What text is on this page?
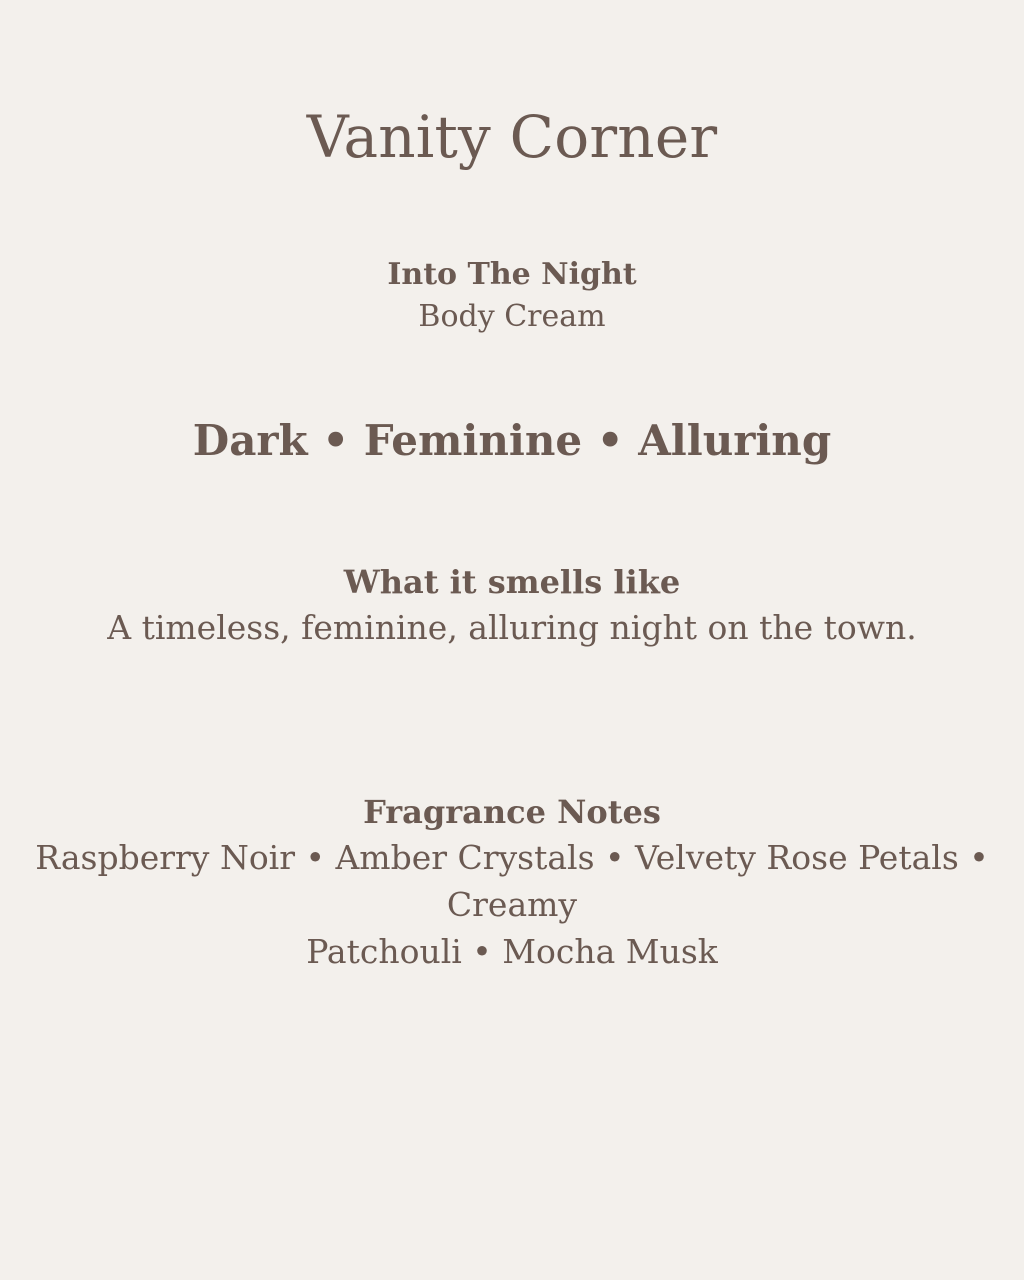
Vanity Corner
Into The Night
Body Cream
Dark • Feminine • Alluring
What it smells like
A timeless, feminine, alluring night on the town.
Fragrance Notes
Raspberry Noir • Amber Crystals • Velvety Rose Petals • Creamy
Patchouli • Mocha Musk
